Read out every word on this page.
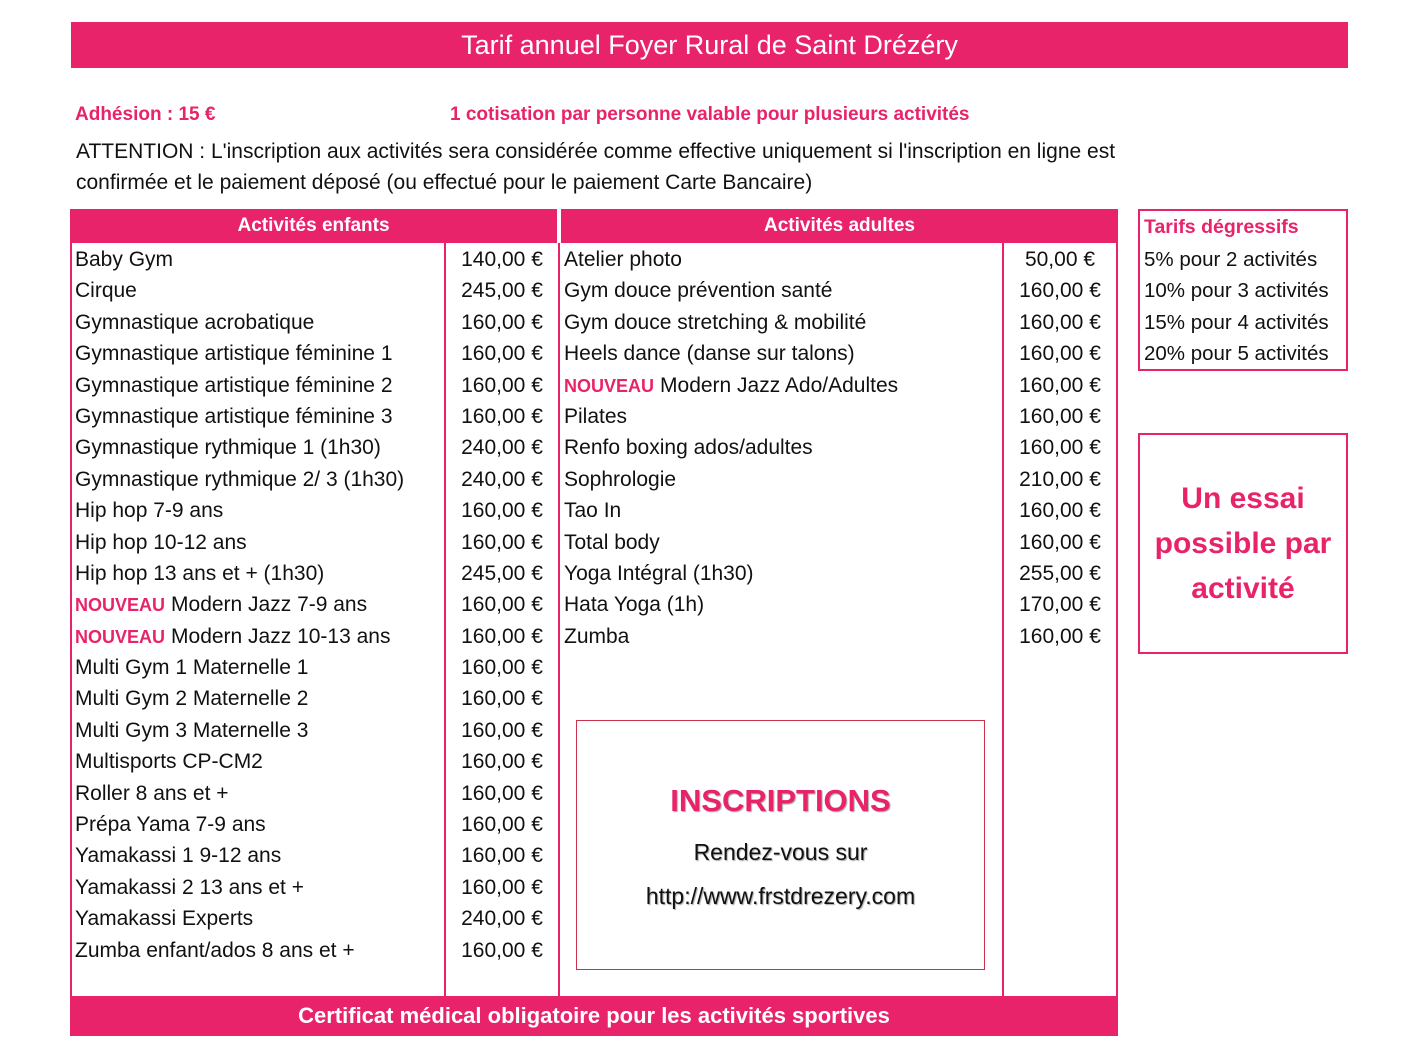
Tarif annuel Foyer Rural de Saint Drézéry
Adhésion : 15 €	1 cotisation par personne valable pour plusieurs activités
ATTENTION : L'inscription aux activités sera considérée comme effective uniquement si l'inscription en ligne est
confirmée et le paiement déposé (ou effectué pour le paiement Carte Bancaire)
Activités enfants	Activités adultes
Baby Gym	140,00 €
Cirque	245,00 €
Gymnastique acrobatique	160,00 €
Gymnastique artistique féminine 1	160,00 €
Gymnastique artistique féminine 2	160,00 €
Gymnastique artistique féminine 3	160,00 €
Gymnastique rythmique 1 (1h30)	240,00 €
Gymnastique rythmique 2/ 3 (1h30)	240,00 €
Hip hop 7-9 ans	160,00 €
Hip hop 10-12 ans	160,00 €
Hip hop 13 ans et + (1h30)	245,00 €
NOUVEAU Modern Jazz 7-9 ans	160,00 €
NOUVEAU Modern Jazz 10-13 ans	160,00 €
Multi Gym 1 Maternelle 1	160,00 €
Multi Gym 2 Maternelle 2	160,00 €
Multi Gym 3 Maternelle 3	160,00 €
Multisports CP-CM2	160,00 €
Roller 8 ans et +	160,00 €
Prépa Yama 7-9 ans	160,00 €
Yamakassi 1 9-12 ans	160,00 €
Yamakassi 2 13 ans et +	160,00 €
Yamakassi Experts	240,00 €
Zumba enfant/ados 8 ans et +	160,00 €
Atelier photo	50,00 €
Gym douce prévention santé	160,00 €
Gym douce stretching & mobilité	160,00 €
Heels dance (danse sur talons)	160,00 €
NOUVEAU Modern Jazz Ado/Adultes	160,00 €
Pilates	160,00 €
Renfo boxing ados/adultes	160,00 €
Sophrologie	210,00 €
Tao In	160,00 €
Total body	160,00 €
Yoga Intégral (1h30)	255,00 €
Hata Yoga (1h)	170,00 €
Zumba	160,00 €
INSCRIPTIONS
Rendez-vous sur
http://www.frstdrezery.com
Certificat médical obligatoire pour les activités sportives
Tarifs dégressifs
5% pour 2 activités
10% pour 3 activités
15% pour 4 activités
20% pour 5 activités
Un essai
possible par
activité
